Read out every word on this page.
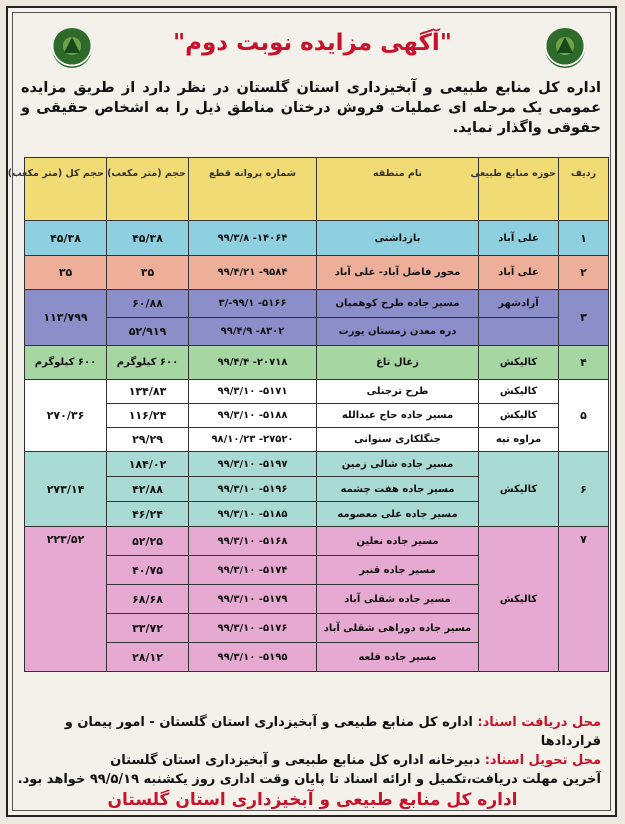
"آگهی مزایده نوبت دوم"
اداره کل منابع طبیعی و آبخیزداری استان گلستان در نظر دارد از طریق مزایده عمومی یک مرحله ای عملیات فروش درختان مناطق ذیل را به اشخاص حقیقی و حقوقی واگذار نماید.
ردیف	حوزه منابع طبیعی	نام منطقه	شماره پروانه قطع	حجم (متر مکعب)	حجم کل (متر مکعب)
۱	علی آباد	بازداشتی	۱۴۰۶۴- ۹۹/۳/۸	۴۵/۳۸	۴۵/۳۸
۲	علی آباد	محور فاضل آباد- علی آباد	۹۵۸۴- ۹۹/۴/۲۱	۳۵	۳۵
۳	آزادشهر	مسیر جاده طرح کوهمیان	۵۱۶۶- ۹۹/۱-/۳	۶۰/۸۸	۱۱۳/۷۹۹
		دره معدن زمستان یورت	۸۳۰۲- ۹۹/۴/۹	۵۲/۹۱۹	
۴	کالیکش	زغال تاغ	۲۰۷۱۸- ۹۹/۴/۴	۶۰۰ کیلوگرم	۶۰۰ کیلوگرم
۵	کالیکش	طرح ترجنلی	۵۱۷۱- ۹۹/۳/۱۰	۱۳۴/۸۳	۲۷۰/۳۶
	کالیکش	مسیر جاده حاج عبدالله	۵۱۸۸- ۹۹/۳/۱۰	۱۱۶/۲۴	
	مراوه تپه	جنگلکاری سنوانی	۲۷۵۲۰- ۹۸/۱۰/۲۳	۲۹/۲۹	
۶	کالیکش	مسیر جاده شالی زمین	۵۱۹۷- ۹۹/۳/۱۰	۱۸۴/۰۲	۲۷۳/۱۴
		مسیر جاده هفت چشمه	۵۱۹۶- ۹۹/۳/۱۰	۴۲/۸۸	
		مسیر جاده علی معصومه	۵۱۸۵- ۹۹/۳/۱۰	۴۶/۲۴	
۷	کالیکش	مسیر جاده نعلین	۵۱۶۸- ۹۹/۳/۱۰	۵۲/۲۵	۲۲۳/۵۲
		مسیر جاده قنبر	۵۱۷۴- ۹۹/۳/۱۰	۴۰/۷۵	
		مسیر جاده شقلی آباد	۵۱۷۹- ۹۹/۳/۱۰	۶۸/۶۸	
		مسیر جاده دوراهی شقلی آباد	۵۱۷۶- ۹۹/۳/۱۰	۳۳/۷۲	
		مسیر جاده قلعه	۵۱۹۵- ۹۹/۳/۱۰	۲۸/۱۲	
محل دریافت اسناد: اداره کل منابع طبیعی و آبخیزداری استان گلستان - امور پیمان و قراردادها
محل تحویل اسناد: دبیرخانه اداره کل منابع طبیعی و آبخیزداری استان گلستان
آخرین مهلت دریافت،تکمیل و ارائه اسناد تا پایان وقت اداری روز یکشنبه ۹۹/۵/۱۹ خواهد بود.
اداره کل منابع طبیعی و آبخیزداری استان گلستان
